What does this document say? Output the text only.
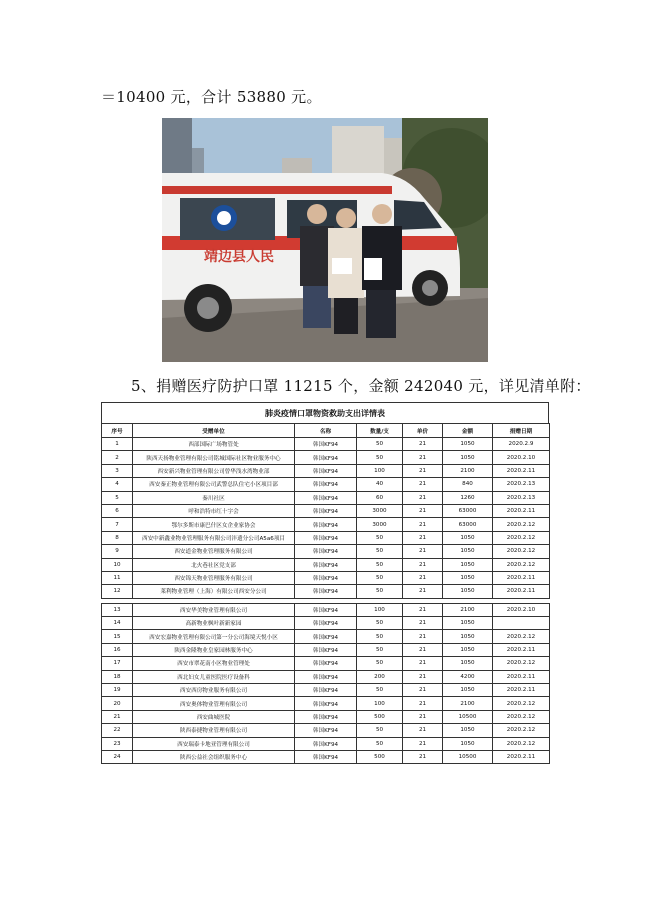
＝10400 元，合计 53880 元。
靖边县人民
5、捐赠医疗防护口罩 11215 个，金额 242040 元，详见清单附：
肺炎疫情口罩物资救助支出详情表
序号	受赠单位	名称	数量/支	单价	金额	捐赠日期
1	西部国际广场物管处	韩国KF94	50	21	1050	2020.2.9
2	陕西天扬物业管理有限公司铭城国际社区物业服务中心	韩国KF94	50	21	1050	2020.2.10
3	西安新兴物业管理有限公司曾华浅水湾物业部	韩国KF94	100	21	2100	2020.2.11
4	西安秦正物业管理有限公司武警总队住宅小区项目部	韩国KF94	40	21	840	2020.2.13
5	秦川社区	韩国KF94	60	21	1260	2020.2.13
6	呼和浩特市红十字会	韩国KF94	3000	21	63000	2020.2.11
7	鄂尔多斯市康巴什区女企业家协会	韩国KF94	3000	21	63000	2020.2.12
8	西安中新鑫业物业管理服务有限公司沣遗分公司A5a6项目	韩国KF94	50	21	1050	2020.2.12
9	西安道金物业管理服务有限公司	韩国KF94	50	21	1050	2020.2.12
10	北火巷社区党支部	韩国KF94	50	21	1050	2020.2.12
11	西安锦天物业管理服务有限公司	韩国KF94	50	21	1050	2020.2.11
12	莱利物业管理（上海）有限公司西安分公司	韩国KF94	50	21	1050	2020.2.11

13	西安华美物业管理有限公司	韩国KF94	100	21	2100	2020.2.10
14	高新物业枫叶新新家园	韩国KF94	50	21	1050	
15	西安宏嘉物业管理有限公司第一分公司海境天悦小区	韩国KF94	50	21	1050	2020.2.12
16	陕西金隆物业皇家园林服务中心	韩国KF94	50	21	1050	2020.2.11
17	西安市翠花南小区物业管理处	韩国KF94	50	21	1050	2020.2.12
18	西北妇女儿童医院医疗设备科	韩国KF94	200	21	4200	2020.2.11
19	西安西房物业服务有限公司	韩国KF94	50	21	1050	2020.2.11
20	西安奥体物业管理有限公司	韩国KF94	100	21	2100	2020.2.12
21	西安曲城医院	韩国KF94	500	21	10500	2020.2.12
22	陕西泰捷物业管理有限公司	韩国KF94	50	21	1050	2020.2.12
23	西安瑞泰卡地亚管理有限公司	韩国KF94	50	21	1050	2020.2.12
24	陕西公益社会组织服务中心	韩国KF94	500	21	10500	2020.2.11
